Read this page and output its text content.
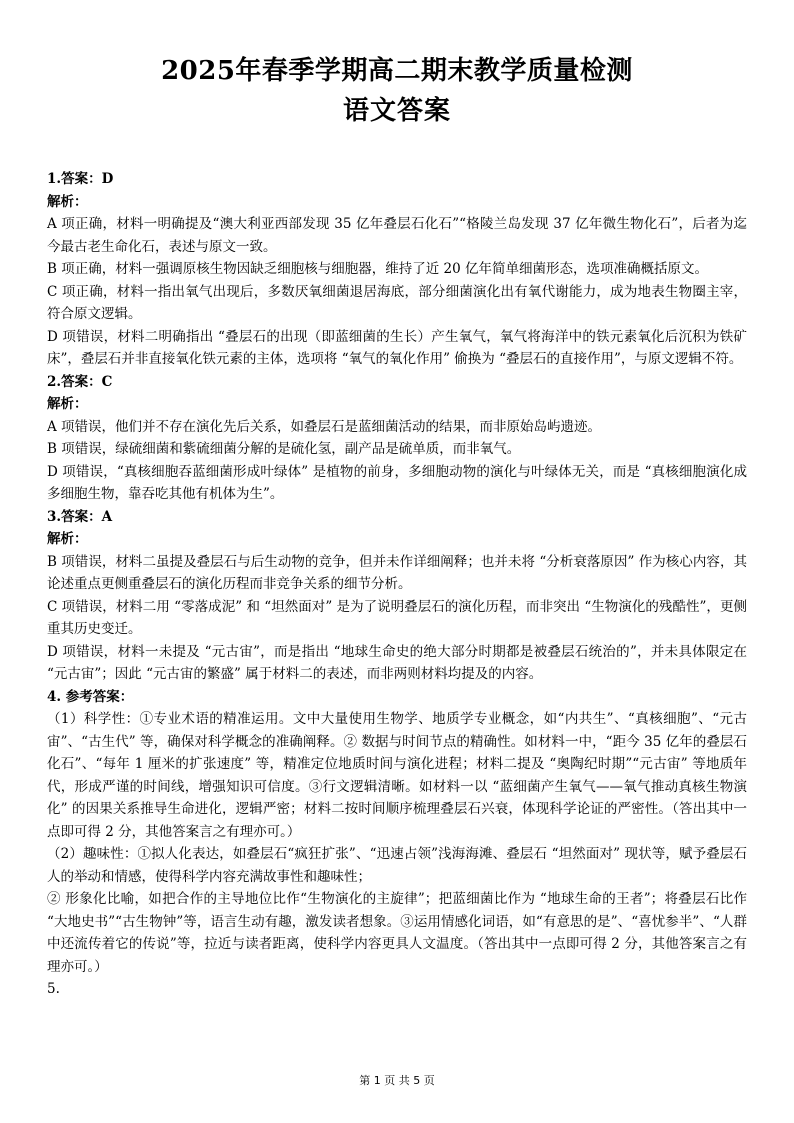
2025年春季学期高二期末教学质量检测
语文答案

1.答案：D

解析：

A 项正确，材料一明确提及“澳大利亚西部发现 35 亿年叠层石化石”“格陵兰岛发现 37 亿年微生物化石”，后者为迄今最古老生命化石，表述与原文一致。

B 项正确，材料一强调原核生物因缺乏细胞核与细胞器，维持了近 20 亿年简单细菌形态，选项准确概括原文。

C 项正确，材料一指出氧气出现后，多数厌氧细菌退居海底，部分细菌演化出有氧代谢能力，成为地表生物圈主宰，符合原文逻辑。

D 项错误，材料二明确指出 “叠层石的出现（即蓝细菌的生长）产生氧气，氧气将海洋中的铁元素氧化后沉积为铁矿床”，叠层石并非直接氧化铁元素的主体，选项将 “氧气的氧化作用” 偷换为 “叠层石的直接作用”，与原文逻辑不符。

2.答案：C

解析：

A 项错误，他们并不存在演化先后关系，如叠层石是蓝细菌活动的结果，而非原始岛屿遗迹。

B 项错误，绿硫细菌和紫硫细菌分解的是硫化氢，副产品是硫单质，而非氧气。

D 项错误，“真核细胞吞蓝细菌形成叶绿体” 是植物的前身，多细胞动物的演化与叶绿体无关，而是 “真核细胞演化成多细胞生物，靠吞吃其他有机体为生”。

3.答案：A

解析：

B 项错误，材料二虽提及叠层石与后生动物的竞争，但并未作详细阐释；也并未将 “分析衰落原因” 作为核心内容，其论述重点更侧重叠层石的演化历程而非竞争关系的细节分析。

C 项错误，材料二用 “零落成泥” 和 “坦然面对” 是为了说明叠层石的演化历程，而非突出 “生物演化的残酷性”，更侧重其历史变迁。

D 项错误，材料一未提及 “元古宙”，而是指出 “地球生命史的绝大部分时期都是被叠层石统治的”，并未具体限定在 “元古宙”；因此 “元古宙的繁盛” 属于材料二的表述，而非两则材料均提及的内容。

4. 参考答案：

（1）科学性：①专业术语的精准运用。文中大量使用生物学、地质学专业概念，如“内共生”、“真核细胞”、“元古宙”、“古生代” 等，确保对科学概念的准确阐释。② 数据与时间节点的精确性。如材料一中，“距今 35 亿年的叠层石化石”、“每年 1 厘米的扩张速度” 等，精准定位地质时间与演化进程；材料二提及 “奥陶纪时期”“元古宙” 等地质年代，形成严谨的时间线，增强知识可信度。③行文逻辑清晰。如材料一以 “蓝细菌产生氧气——氧气推动真核生物演化” 的因果关系推导生命进化，逻辑严密；材料二按时间顺序梳理叠层石兴衰，体现科学论证的严密性。（答出其中一点即可得 2 分，其他答案言之有理亦可。）

（2）趣味性：①拟人化表达，如叠层石“疯狂扩张”、“迅速占领”浅海海滩、叠层石 “坦然面对” 现状等，赋予叠层石人的举动和情感，使得科学内容充满故事性和趣味性；

② 形象化比喻，如把合作的主导地位比作“生物演化的主旋律”；把蓝细菌比作为 “地球生命的王者”；将叠层石比作 “大地史书”“古生物钟”等，语言生动有趣，激发读者想象。③运用情感化词语，如“有意思的是”、“喜忧参半”、“人群中还流传着它的传说”等，拉近与读者距离，使科学内容更具人文温度。（答出其中一点即可得 2 分，其他答案言之有理亦可。）

5.

第 1 页 共 5 页
